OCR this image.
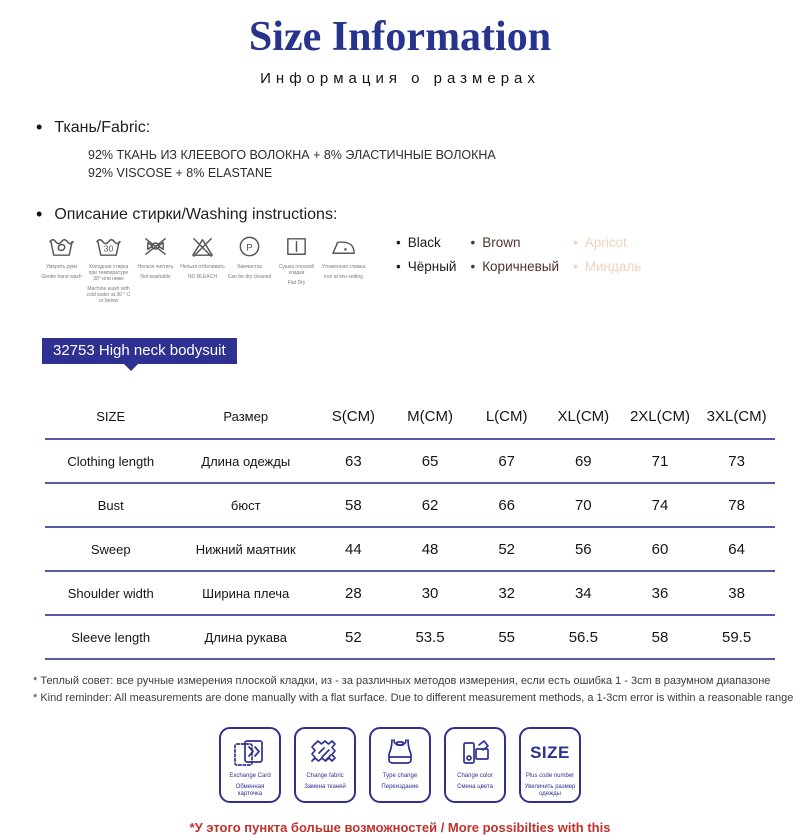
Size Information
Информация о размерах
• Ткань/Fabric:
92% ТКАНЬ ИЗ КЛЕЕВОГО ВОЛОКНА + 8% ЭЛАСТИЧНЫЕ ВОЛОКНА
92% VISCOSE + 8% ELASTANE
• Описание стирки/Washing instructions:
Умерять руки
Gentle hand wash
30
Холодная стирка при температуре 30° или ниже
Machine wash with cold water at 30 ° C or below
Нельзя чистить
Not washable
Нельзя отбеливать
NO BLEACH
P
Химчистка
Can be dry cleaned
Сушка плоской кладки
Flat Dry
Утюженная глажка
iron at low setting
• Black	• Brown	• Apricot
• Чёрный	• Коричневый	• Миндаль
32753 High neck bodysuit
SIZE	Размер	S(CM)	M(CM)	L(CM)	XL(CM)	2XL(CM)	3XL(CM)
Clothing length	Длина одежды	63	65	67	69	71	73
Bust	бюст	58	62	66	70	74	78
Sweep	Нижний маятник	44	48	52	56	60	64
Shoulder width	Ширина плеча	28	30	32	34	36	38
Sleeve length	Длина рукава	52	53.5	55	56.5	58	59.5
* Теплый совет: все ручные измерения плоской кладки, из - за различных методов измерения, если есть ошибка 1 - 3cm в разумном диапазоне
* Kind reminder: All measurements are done manually with a flat surface. Due to different measurement methods, a 1-3cm error is within a reasonable range
Exchange Card
Обменная карточка
Change fabric
Замена тканей
Type change
Переиздание
Change color
Смена цвета
SIZE
Plus code number
Увеличить размер одежды
*У этого пункта больше возможностей / More possibilties with this
